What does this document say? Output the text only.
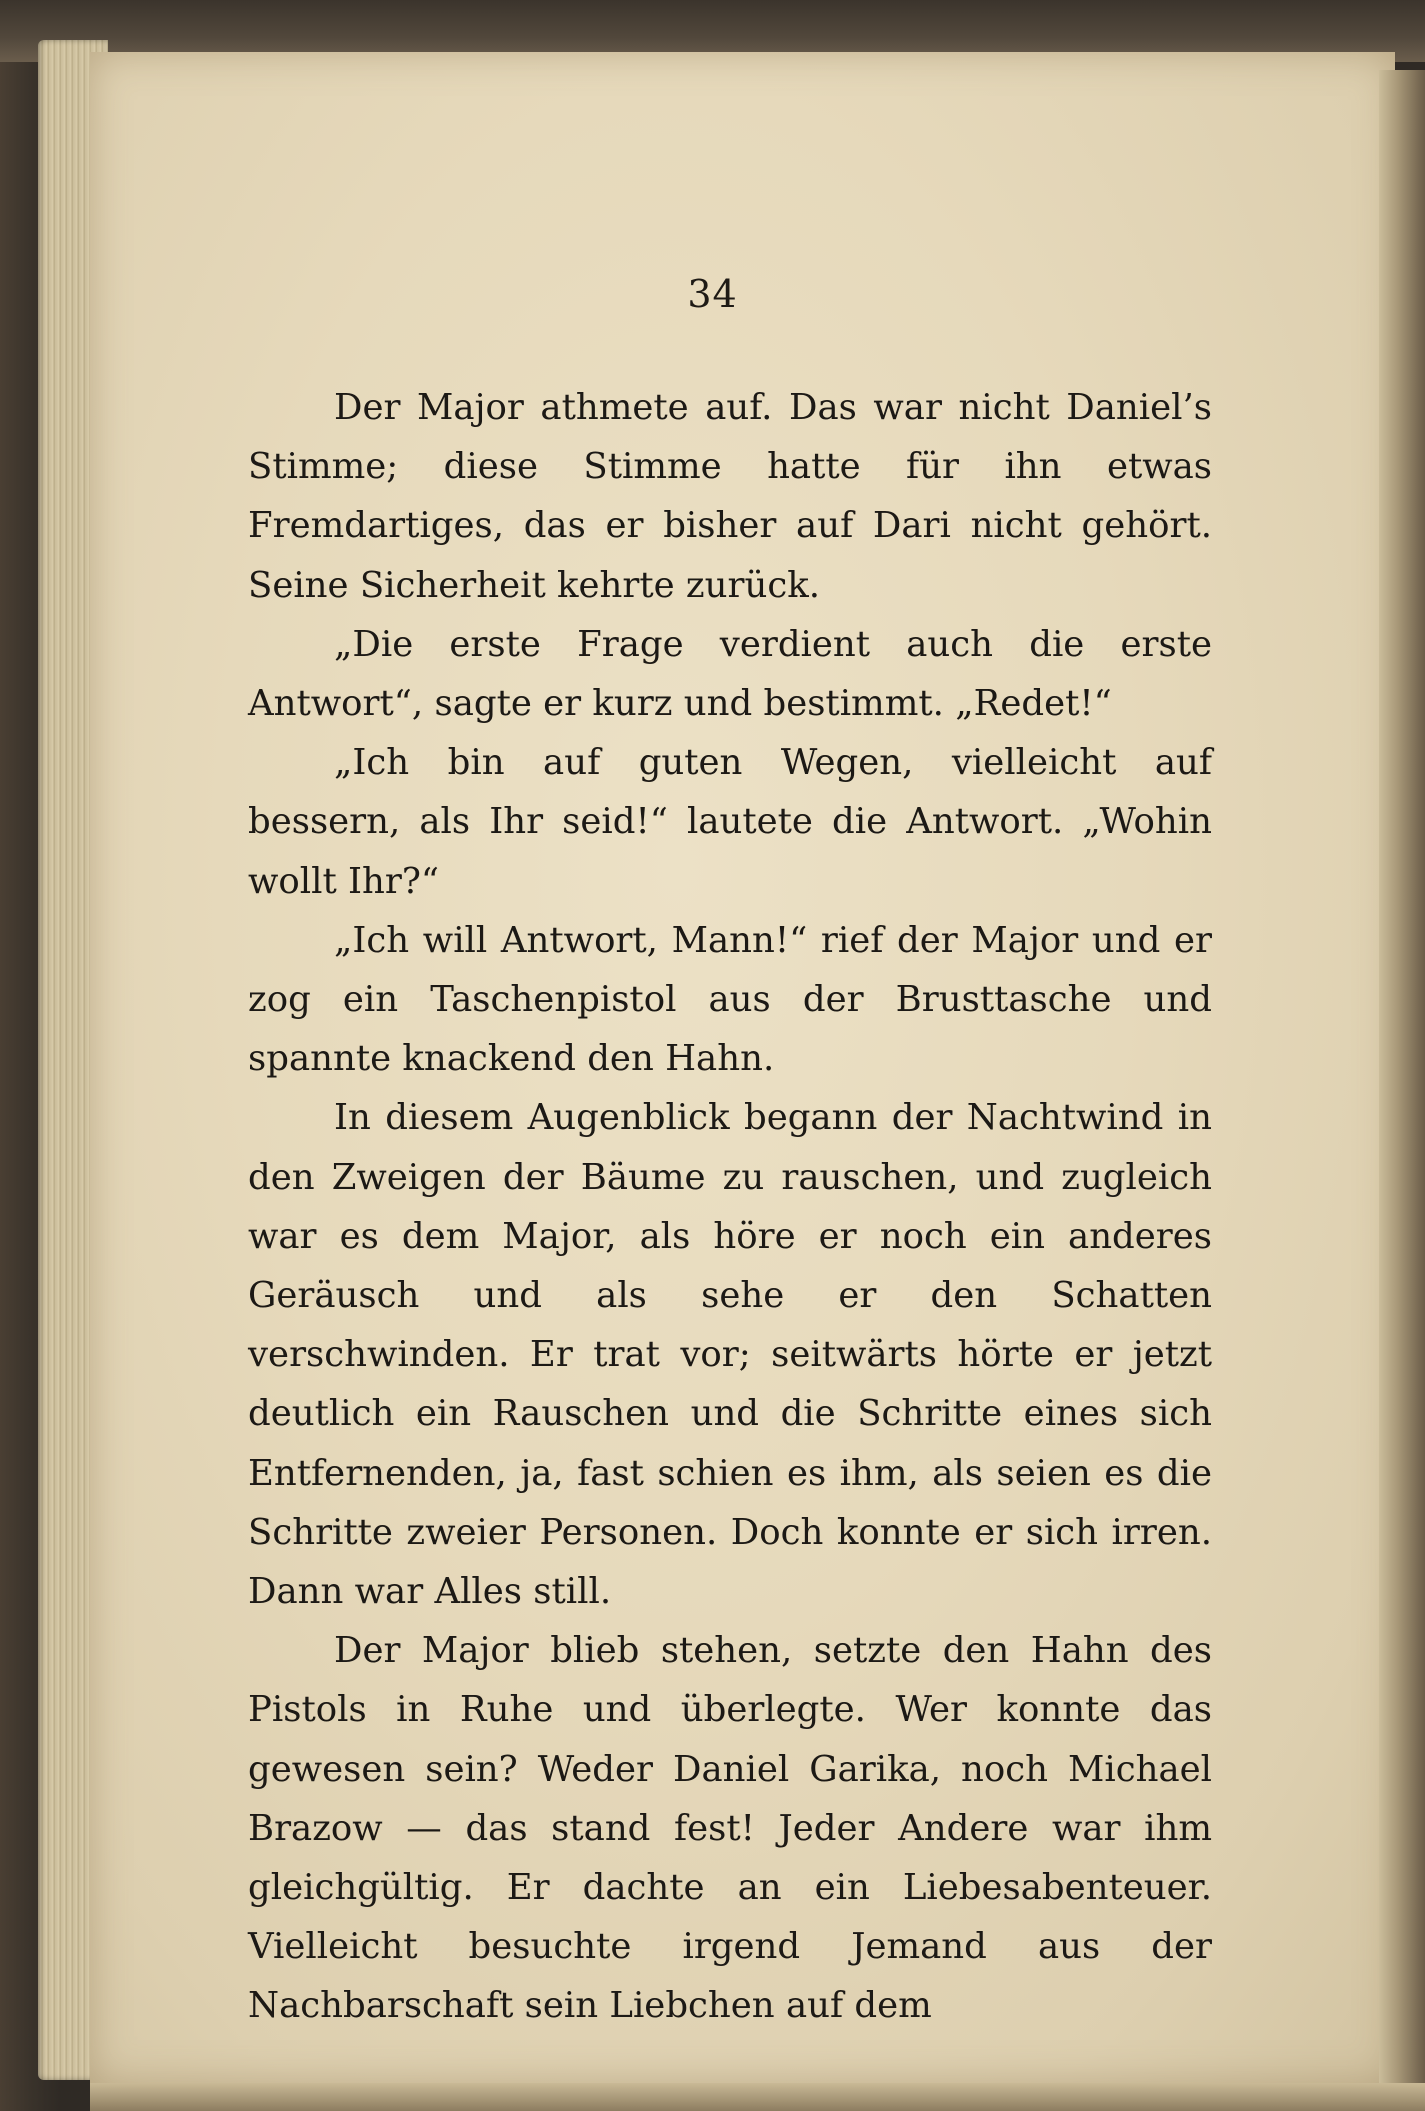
34

Der Major athmete auf. Das war nicht Daniel’s Stimme; diese Stimme hatte für ihn etwas Fremdartiges, das er bisher auf Dari nicht gehört. Seine Sicherheit kehrte zurück.

„Die erste Frage verdient auch die erste Antwort“, sagte er kurz und bestimmt. „Redet!“

„Ich bin auf guten Wegen, vielleicht auf bessern, als Ihr seid!“ lautete die Antwort. „Wohin wollt Ihr?“

„Ich will Antwort, Mann!“ rief der Major und er zog ein Taschenpistol aus der Brusttasche und spannte knackend den Hahn.

In diesem Augenblick begann der Nachtwind in den Zweigen der Bäume zu rauschen, und zugleich war es dem Major, als höre er noch ein anderes Geräusch und als sehe er den Schatten verschwinden. Er trat vor; seitwärts hörte er jetzt deutlich ein Rauschen und die Schritte eines sich Entfernenden, ja, fast schien es ihm, als seien es die Schritte zweier Personen. Doch konnte er sich irren. Dann war Alles still.

Der Major blieb stehen, setzte den Hahn des Pistols in Ruhe und überlegte. Wer konnte das gewesen sein? Weder Daniel Garika, noch Michael Brazow — das stand fest! Jeder Andere war ihm gleichgültig. Er dachte an ein Liebesabenteuer. Vielleicht besuchte irgend Jemand aus der Nachbarschaft sein Liebchen auf dem
